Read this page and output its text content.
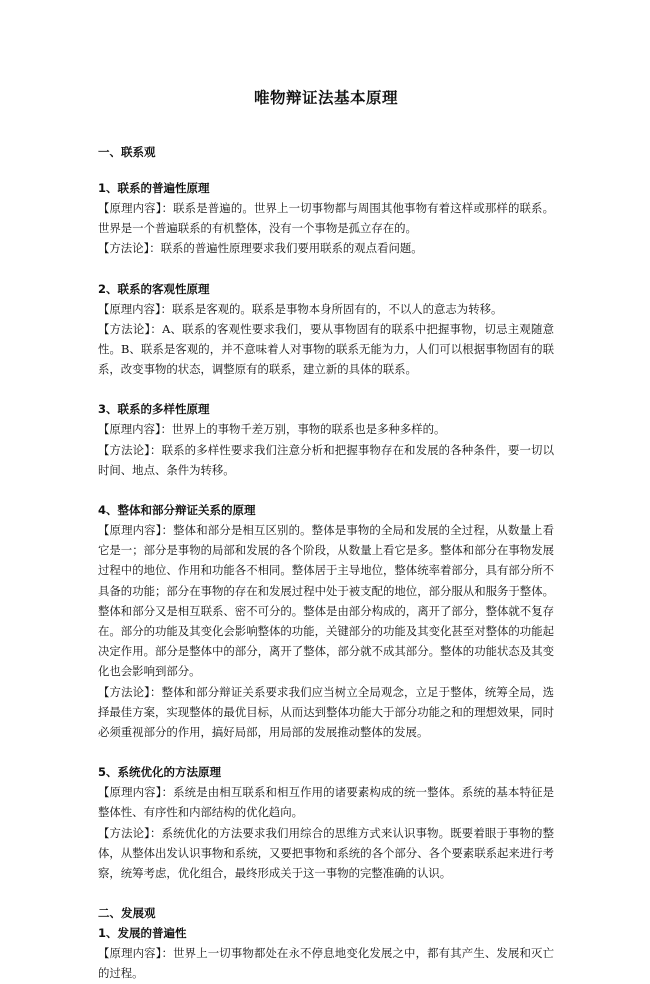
唯物辩证法基本原理
一、联系观
1、联系的普遍性原理

【原理内容】：联系是普遍的。世界上一切事物都与周围其他事物有着这样或那样的联系。世界是一个普遍联系的有机整体，没有一个事物是孤立存在的。

【方法论】：联系的普遍性原理要求我们要用联系的观点看问题。

2、联系的客观性原理

【原理内容】：联系是客观的。联系是事物本身所固有的，不以人的意志为转移。

【方法论】：A、联系的客观性要求我们，要从事物固有的联系中把握事物，切忌主观随意性。B、联系是客观的，并不意味着人对事物的联系无能为力，人们可以根据事物固有的联系，改变事物的状态，调整原有的联系，建立新的具体的联系。

3、联系的多样性原理

【原理内容】：世界上的事物千差万别，事物的联系也是多种多样的。

【方法论】：联系的多样性要求我们注意分析和把握事物存在和发展的各种条件，要一切以时间、地点、条件为转移。

4、整体和部分辩证关系的原理

【原理内容】：整体和部分是相互区别的。整体是事物的全局和发展的全过程，从数量上看它是一；部分是事物的局部和发展的各个阶段，从数量上看它是多。整体和部分在事物发展过程中的地位、作用和功能各不相同。整体居于主导地位，整体统率着部分，具有部分所不具备的功能；部分在事物的存在和发展过程中处于被支配的地位，部分服从和服务于整体。整体和部分又是相互联系、密不可分的。整体是由部分构成的，离开了部分，整体就不复存在。部分的功能及其变化会影响整体的功能，关键部分的功能及其变化甚至对整体的功能起决定作用。部分是整体中的部分，离开了整体，部分就不成其部分。整体的功能状态及其变化也会影响到部分。

【方法论】：整体和部分辩证关系要求我们应当树立全局观念，立足于整体，统筹全局，选择最佳方案，实现整体的最优目标，从而达到整体功能大于部分功能之和的理想效果，同时必须重视部分的作用，搞好局部，用局部的发展推动整体的发展。

5、系统优化的方法原理

【原理内容】：系统是由相互联系和相互作用的诸要素构成的统一整体。系统的基本特征是整体性、有序性和内部结构的优化趋向。

【方法论】：系统优化的方法要求我们用综合的思维方式来认识事物。既要着眼于事物的整体，从整体出发认识事物和系统，又要把事物和系统的各个部分、各个要素联系起来进行考察，统筹考虑，优化组合，最终形成关于这一事物的完整准确的认识。

二、发展观
1、发展的普遍性

【原理内容】：世界上一切事物都处在永不停息地变化发展之中，都有其产生、发展和灭亡的过程。
